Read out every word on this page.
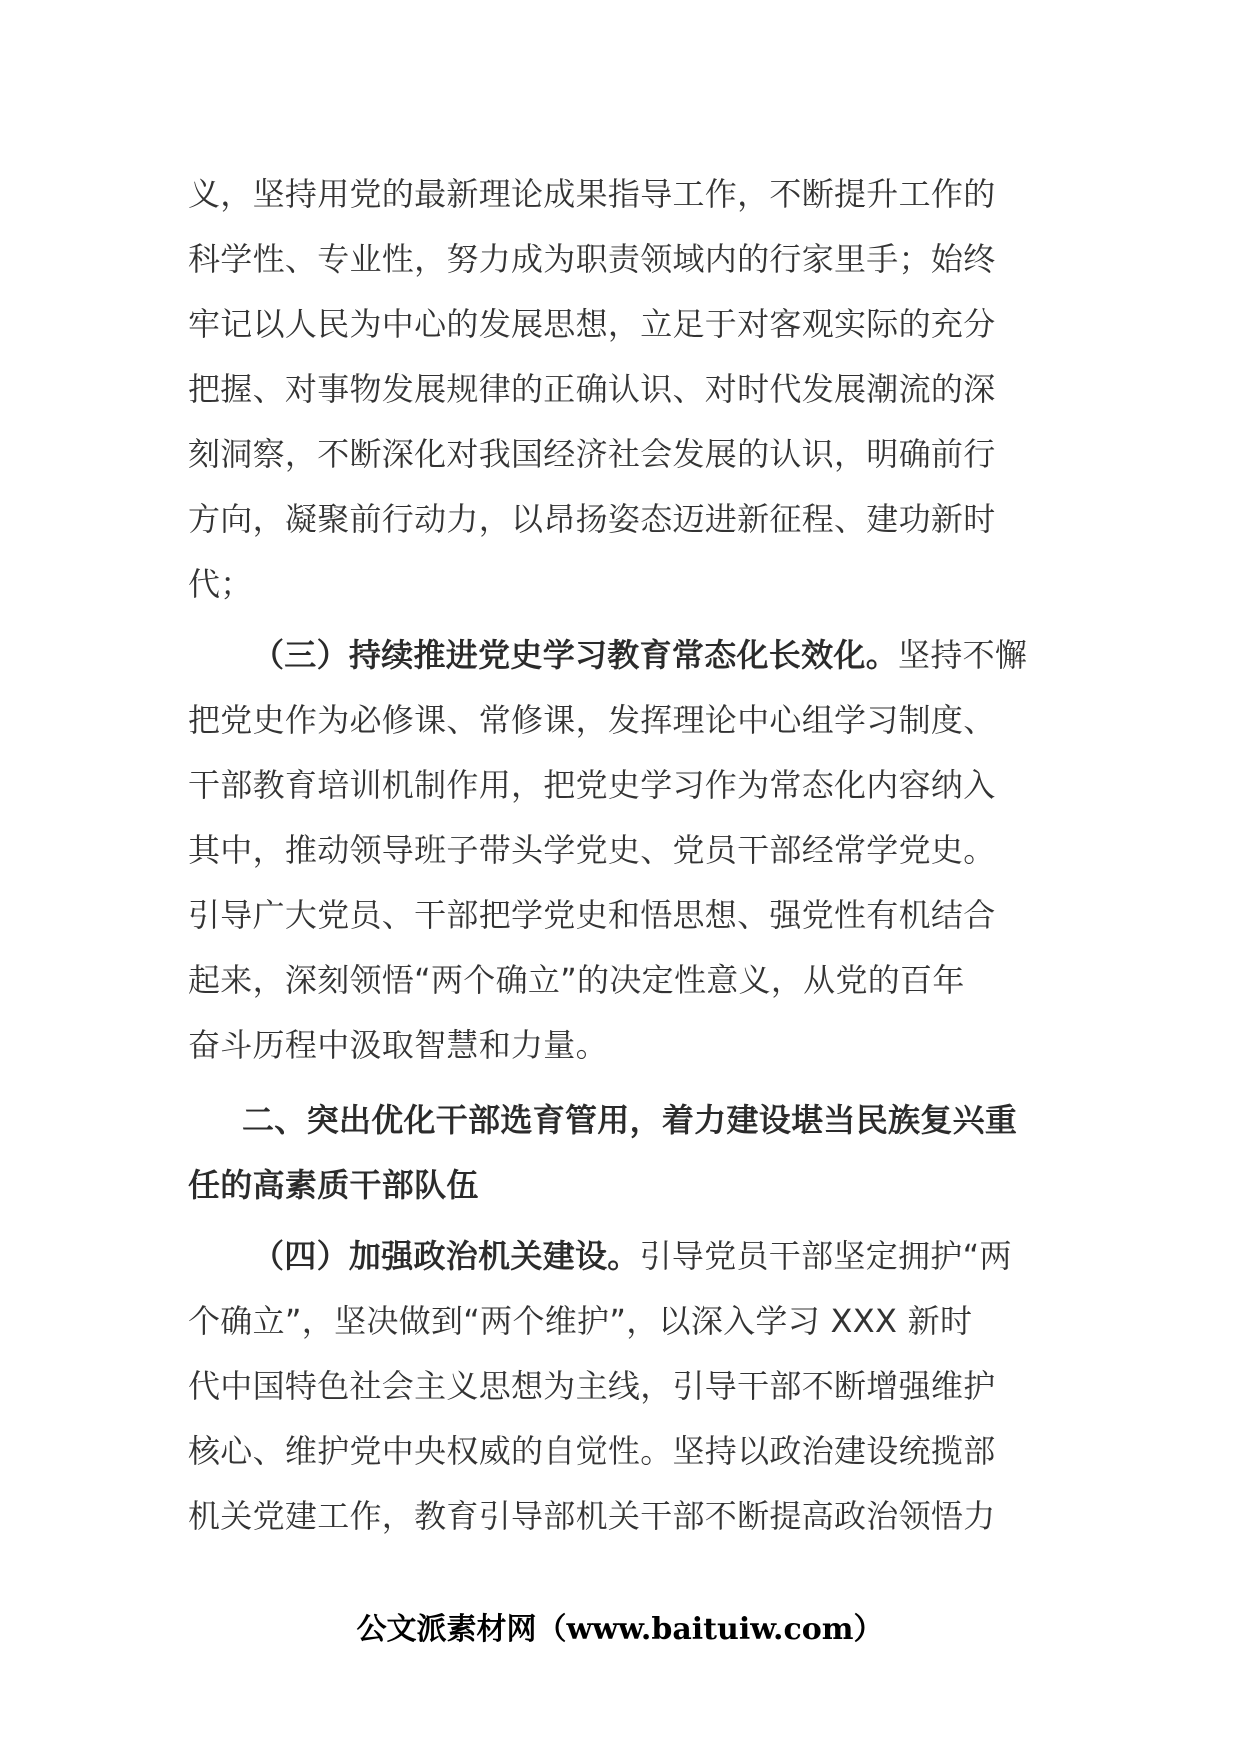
义，坚持用党的最新理论成果指导工作，不断提升工作的
科学性、专业性，努力成为职责领域内的行家里手；始终
牢记以人民为中心的发展思想，立足于对客观实际的充分
把握、对事物发展规律的正确认识、对时代发展潮流的深
刻洞察，不断深化对我国经济社会发展的认识，明确前行
方向，凝聚前行动力，以昂扬姿态迈进新征程、建功新时
代；
（三）持续推进党史学习教育常态化长效化。坚持不懈
把党史作为必修课、常修课，发挥理论中心组学习制度、
干部教育培训机制作用，把党史学习作为常态化内容纳入
其中，推动领导班子带头学党史、党员干部经常学党史。
引导广大党员、干部把学党史和悟思想、强党性有机结合
起来，深刻领悟“两个确立”的决定性意义，从党的百年
奋斗历程中汲取智慧和力量。
二、突出优化干部选育管用，着力建设堪当民族复兴重
任的高素质干部队伍
（四）加强政治机关建设。引导党员干部坚定拥护“两
个确立”，坚决做到“两个维护”，以深入学习 XXX 新时
代中国特色社会主义思想为主线，引导干部不断增强维护
核心、维护党中央权威的自觉性。坚持以政治建设统揽部
机关党建工作，教育引导部机关干部不断提高政治领悟力
公文派素材网（www.baituiw.com）
